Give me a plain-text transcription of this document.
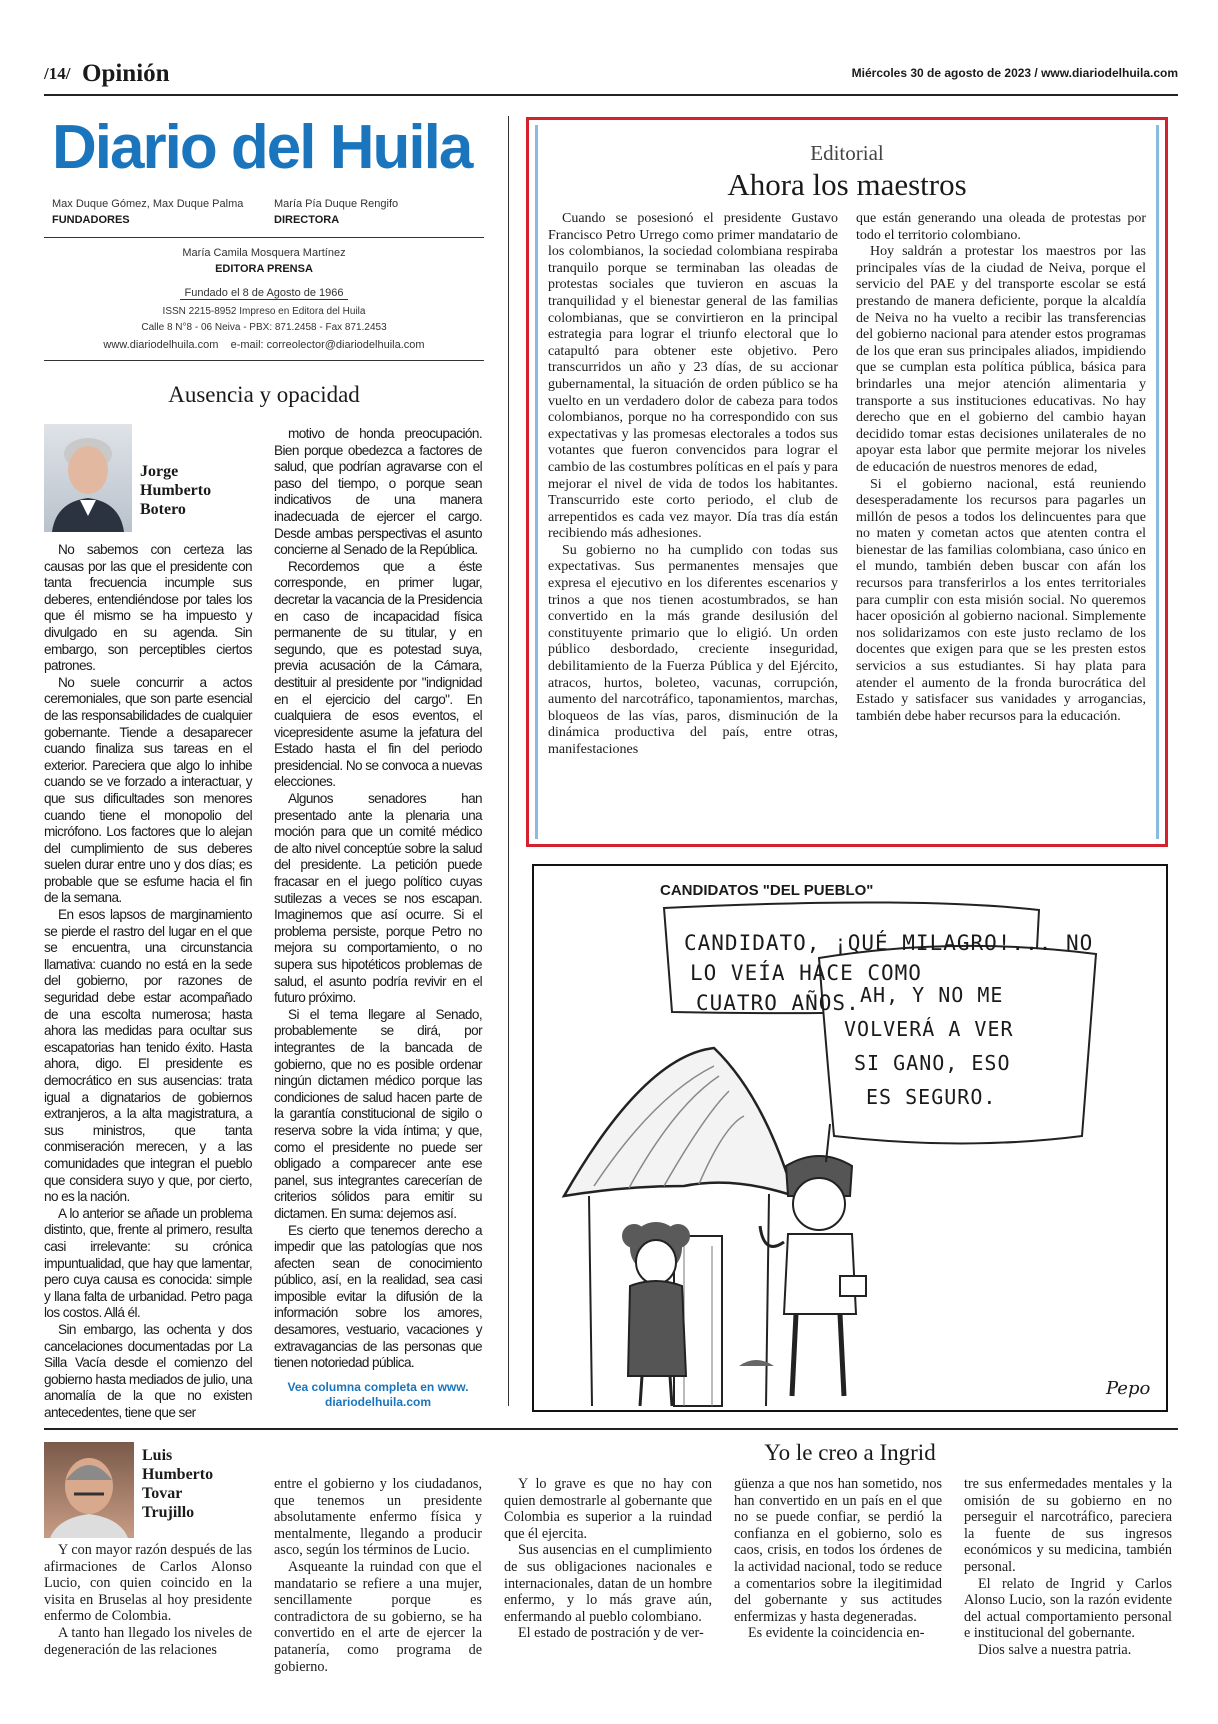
/14/ Opinión	Miércoles 30 de agosto de 2023 / www.diariodelhuila.com
Diario del Huila
Max Duque Gómez, Max Duque Palma
FUNDADORES
María Pía Duque Rengifo
DIRECTORA
María Camila Mosquera Martínez
EDITORA PRENSA
Fundado el 8 de Agosto de 1966
ISSN 2215-8952 Impreso en Editora del Huila
Calle 8 N°8 - 06 Neiva - PBX: 871.2458 - Fax 871.2453
www.diariodelhuila.com    e-mail: correolector@diariodelhuila.com
Ausencia y opacidad
Jorge
Humberto
Botero

No sabemos con certeza las causas por las que el presidente con tanta frecuencia incumple sus deberes, entendiéndose por tales los que él mismo se ha impuesto y divulgado en su agenda. Sin embargo, son perceptibles ciertos patrones.

No suele concurrir a actos ceremoniales, que son parte esencial de las responsabilidades de cualquier gobernante. Tiende a desaparecer cuando finaliza sus tareas en el exterior. Pareciera que algo lo inhibe cuando se ve forzado a interactuar, y que sus dificultades son menores cuando tiene el monopolio del micrófono. Los factores que lo alejan del cumplimiento de sus deberes suelen durar entre uno y dos días; es probable que se esfume hacia el fin de la semana.

En esos lapsos de marginamiento se pierde el rastro del lugar en el que se encuentra, una circunstancia llamativa: cuando no está en la sede del gobierno, por razones de seguridad debe estar acompañado de una escolta numerosa; hasta ahora las medidas para ocultar sus escapatorias han tenido éxito. Hasta ahora, digo. El presidente es democrático en sus ausencias: trata igual a dignatarios de gobiernos extranjeros, a la alta magistratura, a sus ministros, que tanta conmiseración merecen, y a las comunidades que integran el pueblo que considera suyo y que, por cierto, no es la nación.

A lo anterior se añade un problema distinto, que, frente al primero, resulta casi irrelevante: su crónica impuntualidad, que hay que lamentar, pero cuya causa es conocida: simple y llana falta de urbanidad. Petro paga los costos. Allá él.

Sin embargo, las ochenta y dos cancelaciones documentadas por La Silla Vacía desde el comienzo del gobierno hasta mediados de julio, una anomalía de la que no existen antecedentes, tiene que ser

motivo de honda preocupación. Bien porque obedezca a factores de salud, que podrían agravarse con el paso del tiempo, o porque sean indicativos de una manera inadecuada de ejercer el cargo. Desde ambas perspectivas el asunto concierne al Senado de la República.

Recordemos que a éste corresponde, en primer lugar, decretar la vacancia de la Presidencia en caso de incapacidad física permanente de su titular, y en segundo, que es potestad suya, previa acusación de la Cámara, destituir al presidente por "indignidad en el ejercicio del cargo". En cualquiera de esos eventos, el vicepresidente asume la jefatura del Estado hasta el fin del periodo presidencial. No se convoca a nuevas elecciones.

Algunos senadores han presentado ante la plenaria una moción para que un comité médico de alto nivel conceptúe sobre la salud del presidente. La petición puede fracasar en el juego político cuyas sutilezas a veces se nos escapan. Imaginemos que así ocurre. Si el problema persiste, porque Petro no mejora su comportamiento, o no supera sus hipotéticos problemas de salud, el asunto podría revivir en el futuro próximo.

Si el tema llegare al Senado, probablemente se dirá, por integrantes de la bancada de gobierno, que no es posible ordenar ningún dictamen médico porque las condiciones de salud hacen parte de la garantía constitucional de sigilo o reserva sobre la vida íntima; y que, como el presidente no puede ser obligado a comparecer ante ese panel, sus integrantes carecerían de criterios sólidos para emitir su dictamen. En suma: dejemos así.

Es cierto que tenemos derecho a impedir que las patologías que nos afecten sean de conocimiento público, así, en la realidad, sea casi imposible evitar la difusión de la información sobre los amores, desamores, vestuario, vacaciones y extravagancias de las personas que tienen notoriedad pública.

Vea columna completa en www.
diariodelhuila.com
Editorial
Ahora los maestros

Cuando se posesionó el presidente Gustavo Francisco Petro Urrego como primer mandatario de los colombianos, la sociedad colombiana respiraba tranquilo porque se terminaban las oleadas de protestas sociales que tuvieron en ascuas la tranquilidad y el bienestar general de las familias colombianas, que se convirtieron en la principal estrategia para lograr el triunfo electoral que lo catapultó para obtener este objetivo. Pero transcurridos un año y 23 días, de su accionar gubernamental, la situación de orden público se ha vuelto en un verdadero dolor de cabeza para todos colombianos, porque no ha correspondido con sus expectativas y las promesas electorales a todos sus votantes que fueron convencidos para lograr el cambio de las costumbres políticas en el país y para mejorar el nivel de vida de todos los habitantes. Transcurrido este corto periodo, el club de arrepentidos es cada vez mayor. Día tras día están recibiendo más adhesiones.

Su gobierno no ha cumplido con todas sus expectativas. Sus permanentes mensajes que expresa el ejecutivo en los diferentes escenarios y trinos a que nos tienen acostumbrados, se han convertido en la más grande desilusión del constituyente primario que lo eligió. Un orden público desbordado, creciente inseguridad, debilitamiento de la Fuerza Pública y del Ejército, atracos, hurtos, boleteo, vacunas, corrupción, aumento del narcotráfico, taponamientos, marchas, bloqueos de las vías, paros, disminución de la dinámica productiva del país, entre otras, manifestaciones

que están generando una oleada de protestas por todo el territorio colombiano.

Hoy saldrán a protestar los maestros por las principales vías de la ciudad de Neiva, porque el servicio del PAE y del transporte escolar se está prestando de manera deficiente, porque la alcaldía de Neiva no ha vuelto a recibir las transferencias del gobierno nacional para atender estos programas de los que eran sus principales aliados, impidiendo que se cumplan esta política pública, básica para brindarles una mejor atención alimentaria y transporte a sus instituciones educativas. No hay derecho que en el gobierno del cambio hayan decidido tomar estas decisiones unilaterales de no apoyar esta labor que permite mejorar los niveles de educación de nuestros menores de edad,

Si el gobierno nacional, está reuniendo desesperadamente los recursos para pagarles un millón de pesos a todos los delincuentes para que no maten y cometan actos que atenten contra el bienestar de las familias colombiana, caso único en el mundo, también deben buscar con afán los recursos para transferirlos a los entes territoriales para cumplir con esta misión social. No queremos hacer oposición al gobierno nacional. Simplemente nos solidarizamos con este justo reclamo de los docentes que exigen para que se les presten estos servicios a sus estudiantes. Si hay plata para atender el aumento de la fronda burocrática del Estado y satisfacer sus vanidades y arrogancias, también debe haber recursos para la educación.

CANDIDATOS "DEL PUEBLO"
CANDIDATO, ¡QUÉ MILAGRO!... NO
LO VEÍA HACE COMO
CUATRO AÑOS. AH, Y NO ME
VOLVERÁ A VER
SI GANO, ESO
ES SEGURO.
Pepo
Yo le creo a Ingrid
Luis
Humberto
Tovar
Trujillo

Y con mayor razón después de las afirmaciones de Carlos Alonso Lucio, con quien coincido en la visita en Bruselas al hoy presidente enfermo de Colombia.

A tanto han llegado los niveles de degeneración de las relaciones

entre el gobierno y los ciudadanos, que tenemos un presidente absolutamente enfermo física y mentalmente, llegando a producir asco, según los términos de Lucio.

Asqueante la ruindad con que el mandatario se refiere a una mujer, sencillamente porque es contradictora de su gobierno, se ha convertido en el arte de ejercer la patanería, como programa de gobierno.

Y lo grave es que no hay con quien demostrarle al gobernante que Colombia es superior a la ruindad que él ejercita.

Sus ausencias en el cumplimiento de sus obligaciones nacionales e internacionales, datan de un hombre enfermo, y lo más grave aún, enfermando al pueblo colombiano.

El estado de postración y de ver-

güenza a que nos han sometido, nos han convertido en un país en el que no se puede confiar, se perdió la confianza en el gobierno, solo es caos, crisis, en todos los órdenes de la actividad nacional, todo se reduce a comentarios sobre la ilegitimidad del gobernante y sus actitudes enfermizas y hasta degeneradas.

Es evidente la coincidencia en-

tre sus enfermedades mentales y la omisión de su gobierno en no perseguir el narcotráfico, pareciera la fuente de sus ingresos económicos y su medicina, también personal.

El relato de Ingrid y Carlos Alonso Lucio, son la razón evidente del actual comportamiento personal e institucional del gobernante.

Dios salve a nuestra patria.
